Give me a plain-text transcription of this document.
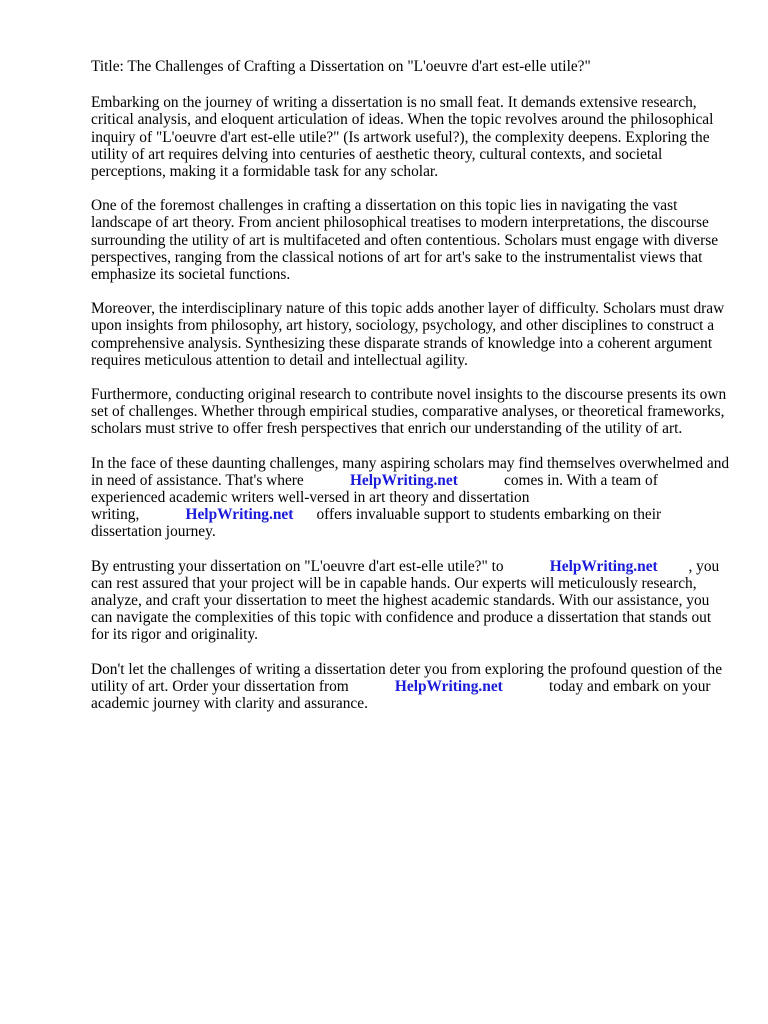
Title: The Challenges of Crafting a Dissertation on "L'oeuvre d'art est-elle utile?"

Embarking on the journey of writing a dissertation is no small feat. It demands extensive research, critical analysis, and eloquent articulation of ideas. When the topic revolves around the philosophical inquiry of "L'oeuvre d'art est-elle utile?" (Is artwork useful?), the complexity deepens. Exploring the utility of art requires delving into centuries of aesthetic theory, cultural contexts, and societal perceptions, making it a formidable task for any scholar.

One of the foremost challenges in crafting a dissertation on this topic lies in navigating the vast landscape of art theory. From ancient philosophical treatises to modern interpretations, the discourse surrounding the utility of art is multifaceted and often contentious. Scholars must engage with diverse perspectives, ranging from the classical notions of art for art's sake to the instrumentalist views that emphasize its societal functions.

Moreover, the interdisciplinary nature of this topic adds another layer of difficulty. Scholars must draw upon insights from philosophy, art history, sociology, psychology, and other disciplines to construct a comprehensive analysis. Synthesizing these disparate strands of knowledge into a coherent argument requires meticulous attention to detail and intellectual agility.

Furthermore, conducting original research to contribute novel insights to the discourse presents its own set of challenges. Whether through empirical studies, comparative analyses, or theoretical frameworks, scholars must strive to offer fresh perspectives that enrich our understanding of the utility of art.

In the face of these daunting challenges, many aspiring scholars may find themselves overwhelmed and in need of assistance. That's where	HelpWriting.net	comes in. With a team of experienced academic writers well-versed in art theory and dissertation writing,	HelpWriting.net offers invaluable support to students embarking on their dissertation journey.

By entrusting your dissertation on "L'oeuvre d'art est-elle utile?" to	HelpWriting.net , you can rest assured that your project will be in capable hands. Our experts will meticulously research, analyze, and craft your dissertation to meet the highest academic standards. With our assistance, you can navigate the complexities of this topic with confidence and produce a dissertation that stands out for its rigor and originality.

Don't let the challenges of writing a dissertation deter you from exploring the profound question of the utility of art. Order your dissertation from	HelpWriting.net	today and embark on your academic journey with clarity and assurance.
